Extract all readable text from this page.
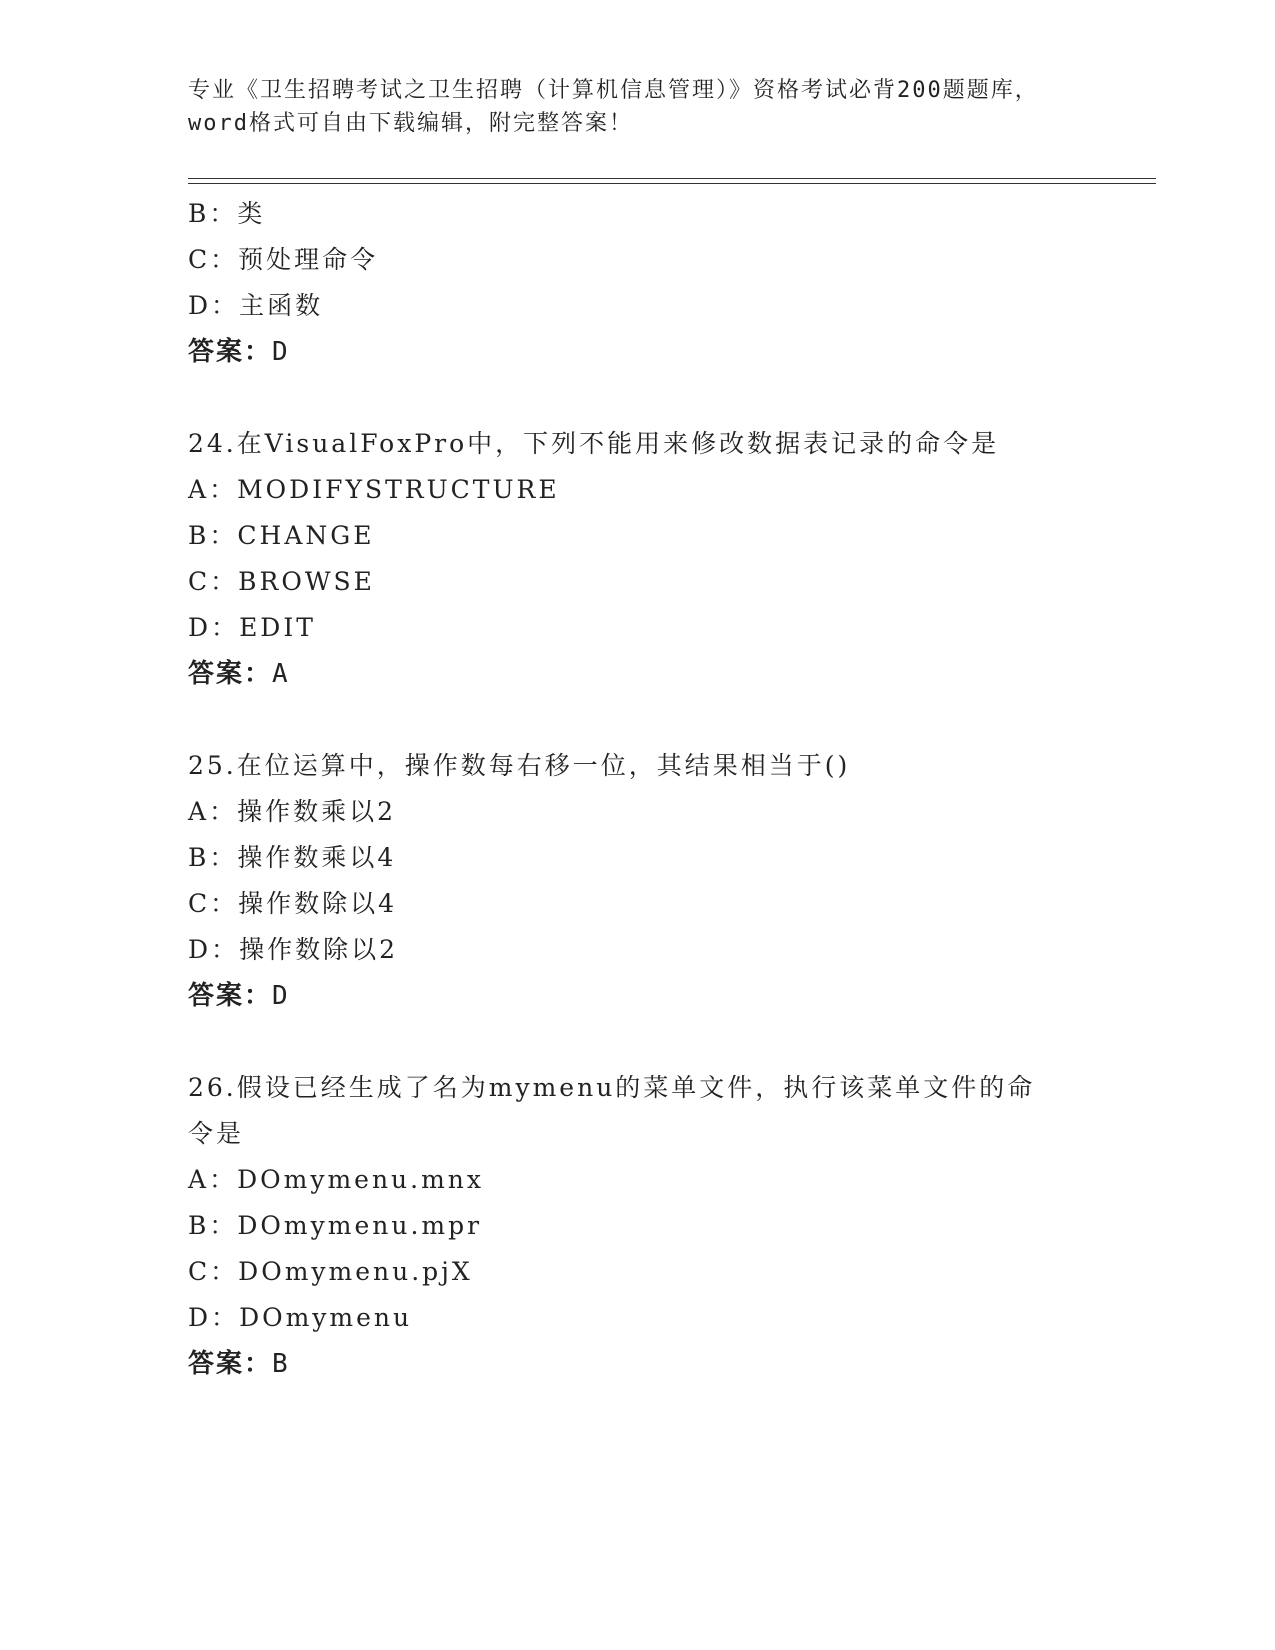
专业《卫生招聘考试之卫生招聘（计算机信息管理）》资格考试必背200题题库，
word格式可自由下载编辑，附完整答案！
B：类
C：预处理命令
D：主函数
答案：D
24.在VisualFoxPro中，下列不能用来修改数据表记录的命令是
A：MODIFYSTRUCTURE
B：CHANGE
C：BROWSE
D：EDIT
答案：A
25.在位运算中，操作数每右移一位，其结果相当于()
A：操作数乘以2
B：操作数乘以4
C：操作数除以4
D：操作数除以2
答案：D
26.假设已经生成了名为mymenu的菜单文件，执行该菜单文件的命令是
A：DOmymenu.mnx
B：DOmymenu.mpr
C：DOmymenu.pjX
D：DOmymenu
答案：B
